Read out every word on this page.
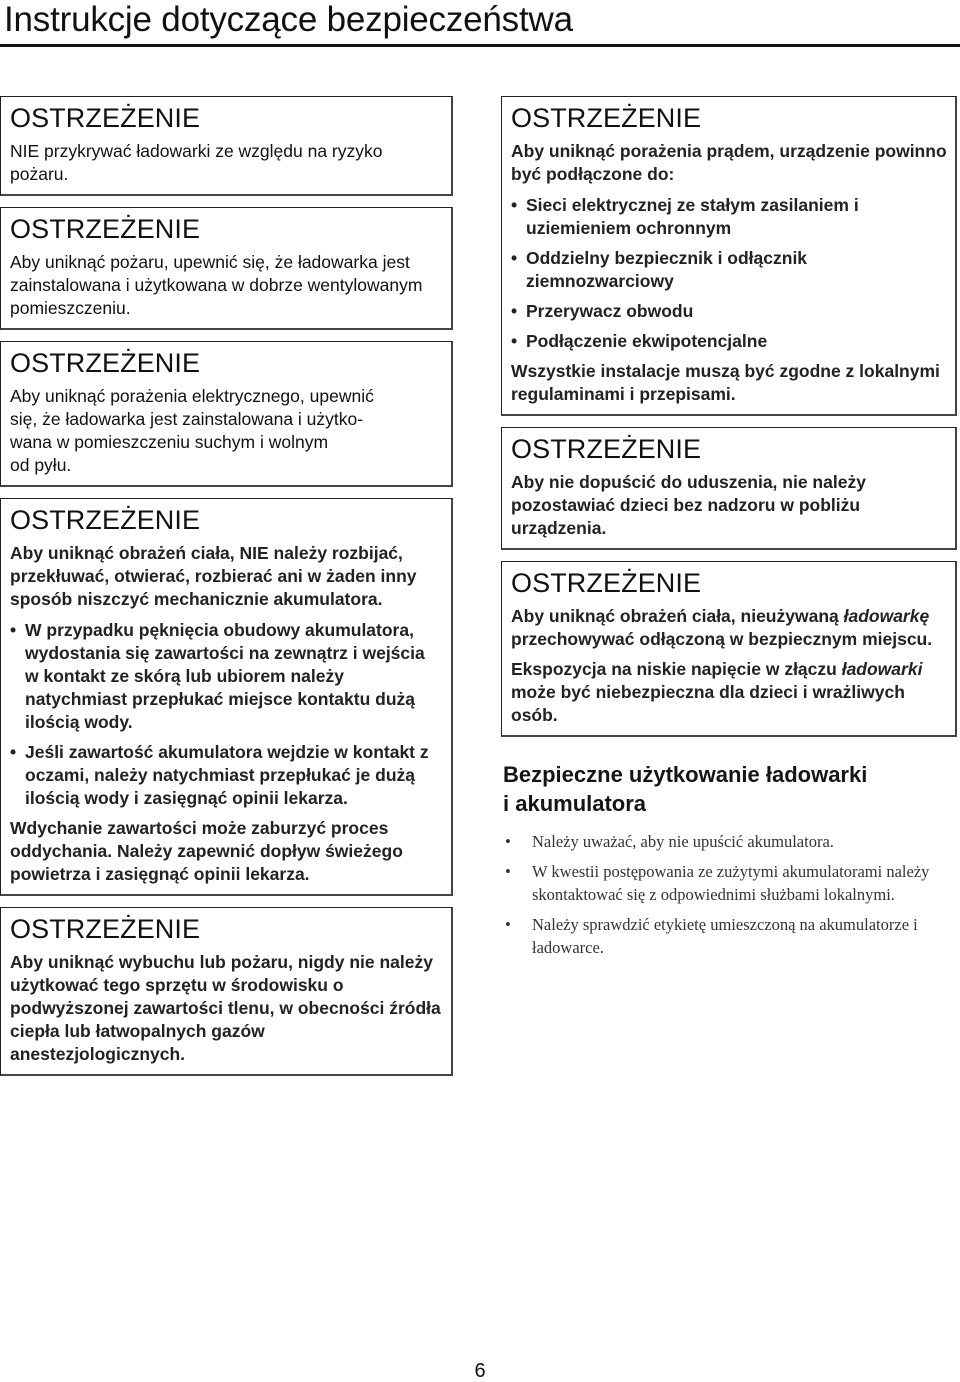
Instrukcje dotyczące bezpieczeństwa
OSTRZEŻENIE

NIE przykrywać ładowarki ze względu na ryzyko pożaru.

OSTRZEŻENIE

Aby uniknąć pożaru, upewnić się, że ładowarka jest zainstalowana i użytkowana w dobrze wentylowanym pomieszczeniu.

OSTRZEŻENIE

Aby uniknąć porażenia elektrycznego, upewnić
się, że ładowarka jest zainstalowana i użytko-
wana w pomieszczeniu suchym i wolnym
od pyłu.

OSTRZEŻENIE

Aby uniknąć obrażeń ciała, NIE należy rozbijać, przekłuwać, otwierać, rozbierać ani w żaden inny sposób niszczyć mechanicznie akumulatora.

• W przypadku pęknięcia obudowy akumulatora, wydostania się zawartości na zewnątrz i wejścia w kontakt ze skórą lub ubiorem należy natychmiast przepłukać miejsce kontaktu dużą ilością wody.
• Jeśli zawartość akumulatora wejdzie w kontakt z oczami, należy natychmiast przepłukać je dużą ilością wody i zasięgnąć opinii lekarza.

Wdychanie zawartości może zaburzyć proces oddychania. Należy zapewnić dopływ świeżego powietrza i zasięgnąć opinii lekarza.

OSTRZEŻENIE

Aby uniknąć wybuchu lub pożaru, nigdy nie należy użytkować tego sprzętu w środowisku o podwyższonej zawartości tlenu, w obecności źródła ciepła lub łatwopalnych gazów anestezjologicznych.

OSTRZEŻENIE

Aby uniknąć porażenia prądem, urządzenie powinno być podłączone do:

• Sieci elektrycznej ze stałym zasilaniem i uziemieniem ochronnym
• Oddzielny bezpiecznik i odłącznik ziemnozwarciowy
• Przerywacz obwodu
• Podłączenie ekwipotencjalne

Wszystkie instalacje muszą być zgodne z lokalnymi regulaminami i przepisami.

OSTRZEŻENIE

Aby nie dopuścić do uduszenia, nie należy pozostawiać dzieci bez nadzoru w pobliżu urządzenia.

OSTRZEŻENIE

Aby uniknąć obrażeń ciała, nieużywaną ładowarkę przechowywać odłączoną w bezpiecznym miejscu.

Ekspozycja na niskie napięcie w złączu ładowarki może być niebezpieczna dla dzieci i wrażliwych osób.

Bezpieczne użytkowanie ładowarki
i akumulatora
• Należy uważać, aby nie upuścić akumulatora.
• W kwestii postępowania ze zużytymi akumulatorami należy skontaktować się z odpowiednimi służbami lokalnymi.
• Należy sprawdzić etykietę umieszczoną na akumulatorze i ładowarce.
6
